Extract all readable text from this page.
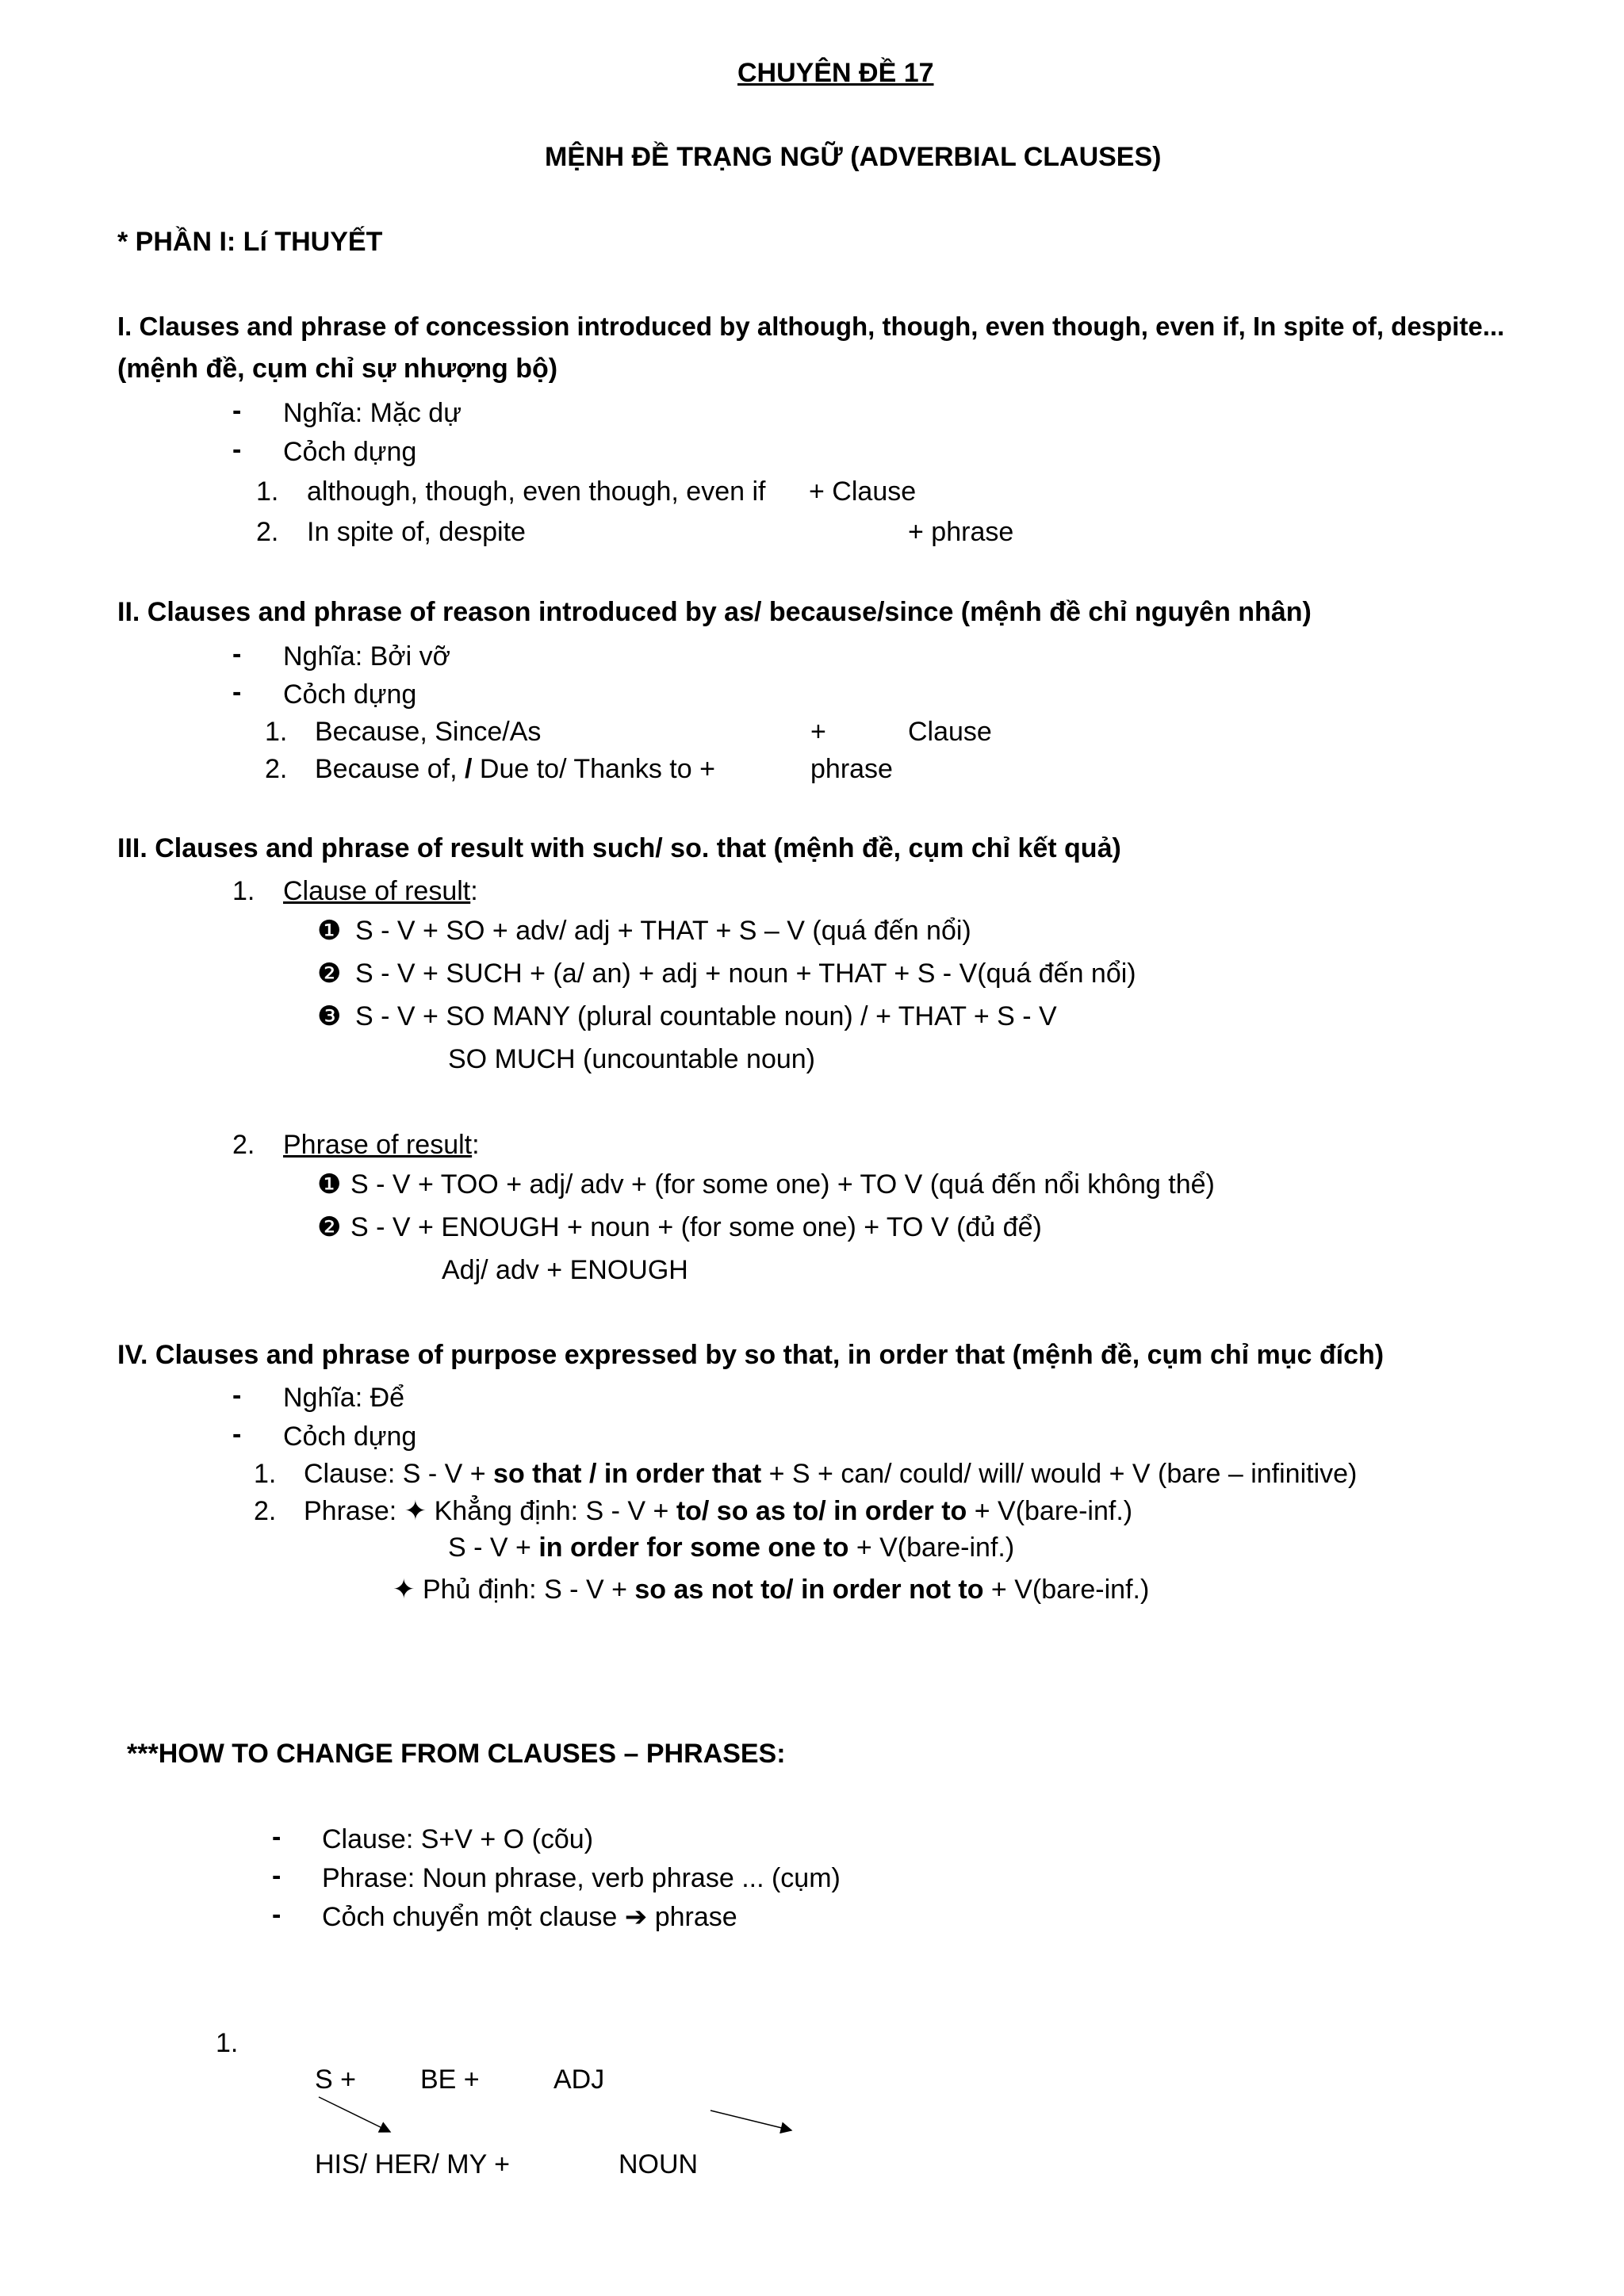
CHUYÊN ĐỀ 17
MỆNH ĐỀ TRẠNG NGỮ (ADVERBIAL CLAUSES)
* PHẦN I: Lí THUYẾT
I. Clauses and phrase of concession introduced by although, though, even though, even if, In spite of, despite...
(mệnh đề, cụm chỉ sự nhượng bộ)
- Nghĩa: Mặc dự
- Cỏch dựng
1. although, though, even though, even if + Clause
2. In spite of, despite	+ phrase
II. Clauses and phrase of reason introduced by as/ because/since (mệnh đề chỉ nguyên nhân)
- Nghĩa: Bởi vỡ
- Cỏch dựng
1. Because, Since/As	+	Clause
2. Because of, / Due to/ Thanks to +	phrase
III. Clauses and phrase of result with such/ so. that (mệnh đề, cụm chỉ kết quả)
1. Clause of result:
❶ S - V + SO + adv/ adj + THAT + S – V (quá đến nổi)
❷ S - V + SUCH + (a/ an) + adj + noun + THAT + S - V(quá đến nổi)
❸ S - V + SO MANY (plural countable noun) / + THAT + S - V
SO MUCH (uncountable noun)
2. Phrase of result:
❶ S - V + TOO + adj/ adv + (for some one) + TO V (quá đến nổi không thể)
❷ S - V + ENOUGH + noun + (for some one) + TO V (đủ để)
Adj/ adv + ENOUGH
IV. Clauses and phrase of purpose expressed by so that, in order that (mệnh đề, cụm chỉ mục đích)
- Nghĩa: Để
- Cỏch dựng
1. Clause: S - V + so that / in order that + S + can/ could/ will/ would + V (bare – infinitive)
2. Phrase: ✦ Khẳng định: S - V + to/ so as to/ in order to + V(bare-inf.)
S - V + in order for some one to + V(bare-inf.)
✦ Phủ định: S - V + so as not to/ in order not to + V(bare-inf.)
***HOW TO CHANGE FROM CLAUSES – PHRASES:
- Clause: S+V + O (cõu)
- Phrase: Noun phrase, verb phrase ... (cụm)
- Cỏch chuyển một clause ➔ phrase
1.
S + BE +	ADJ
HIS/ HER/ MY +	NOUN
